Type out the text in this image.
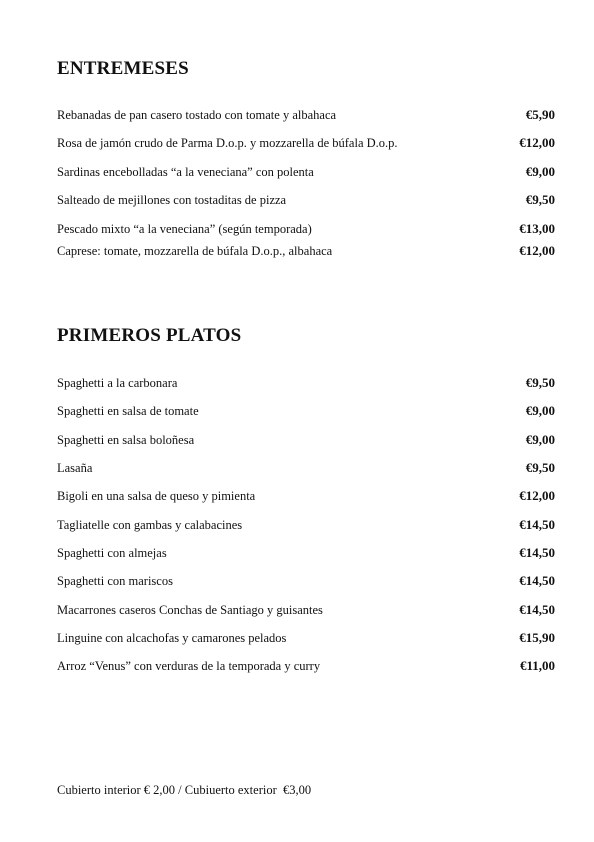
ENTREMESES
Rebanadas de pan casero tostado con tomate y albahaca	€5,90
Rosa de jamón crudo de Parma D.o.p. y mozzarella de búfala D.o.p.	€12,00
Sardinas encebolladas “a la veneciana” con polenta	€9,00
Salteado de mejillones con tostaditas de pizza	€9,50
Pescado mixto “a la veneciana” (según temporada)	€13,00
Caprese: tomate, mozzarella de búfala D.o.p., albahaca	€12,00
PRIMEROS PLATOS
Spaghetti a la carbonara	€9,50
Spaghetti en salsa de tomate	€9,00
Spaghetti en salsa boloñesa	€9,00
Lasaña	€9,50
Bigoli en una salsa de queso y pimienta	€12,00
Tagliatelle con gambas y calabacines	€14,50
Spaghetti con almejas	€14,50
Spaghetti con mariscos	€14,50
Macarrones caseros Conchas de Santiago y guisantes	€14,50
Linguine con alcachofas y camarones pelados	€15,90
Arroz “Venus” con verduras de la temporada y curry	€11,00
Cubierto interior € 2,00 / Cubiuerto exterior  €3,00
